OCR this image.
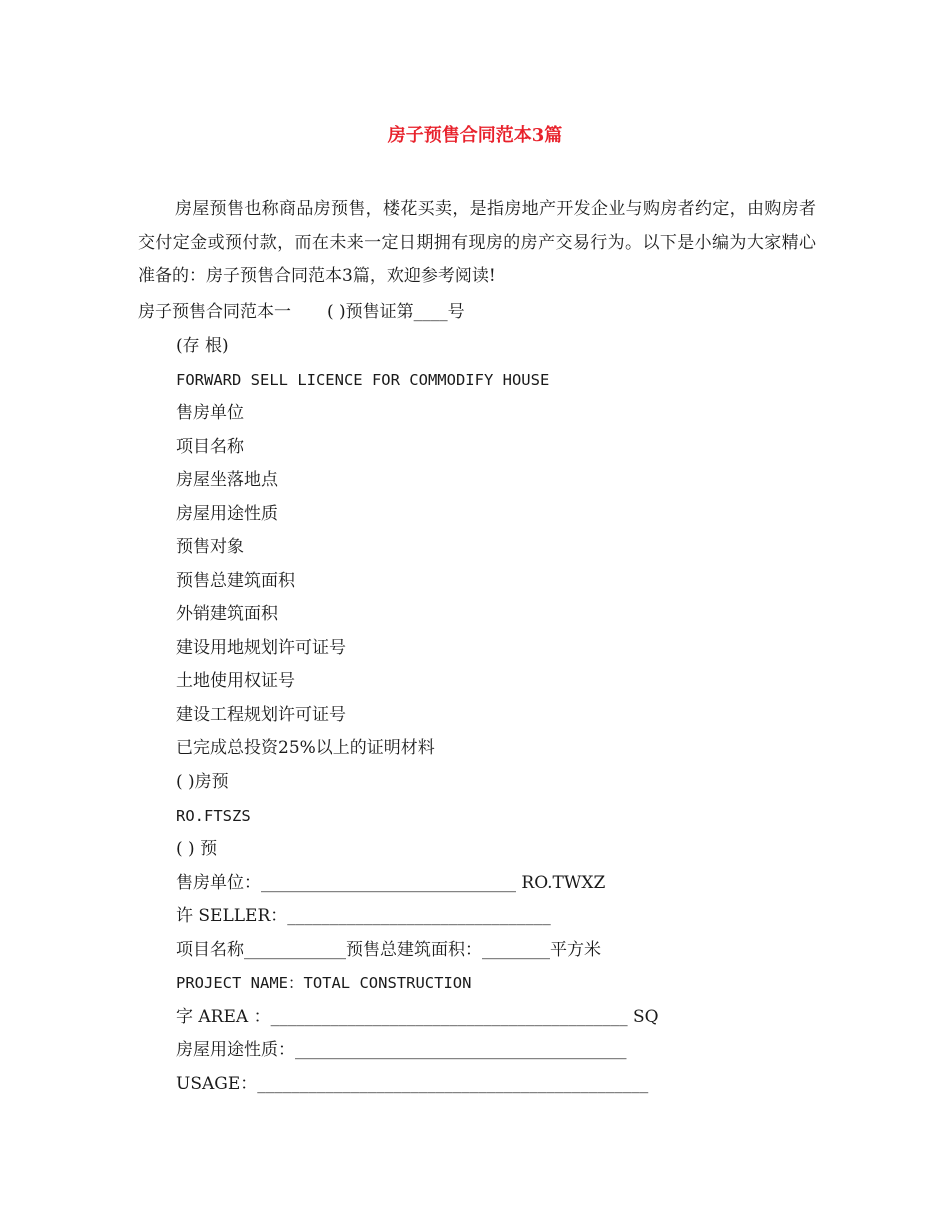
房子预售合同范本3篇
房屋预售也称商品房预售，楼花买卖，是指房地产开发企业与购房者约定，由购房者交付定金或预付款，而在未来一定日期拥有现房的房产交易行为。以下是小编为大家精心准备的：房子预售合同范本3篇，欢迎参考阅读!
房子预售合同范本一 ( )预售证第____号
(存 根)
FORWARD SELL LICENCE FOR COMMODIFY HOUSE
售房单位
项目名称
房屋坐落地点
房屋用途性质
预售对象
预售总建筑面积
外销建筑面积
建设用地规划许可证号
土地使用权证号
建设工程规划许可证号
已完成总投资25%以上的证明材料
( )房预
RO.FTSZS
( ) 预
售房单位：______________________________ RO.TWXZ
许 SELLER：_______________________________
项目名称____________预售总建筑面积：________平方米
PROJECT NAME：TOTAL CONSTRUCTION
字 AREA ：__________________________________________ SQ
房屋用途性质：_______________________________________
USAGE：______________________________________________
